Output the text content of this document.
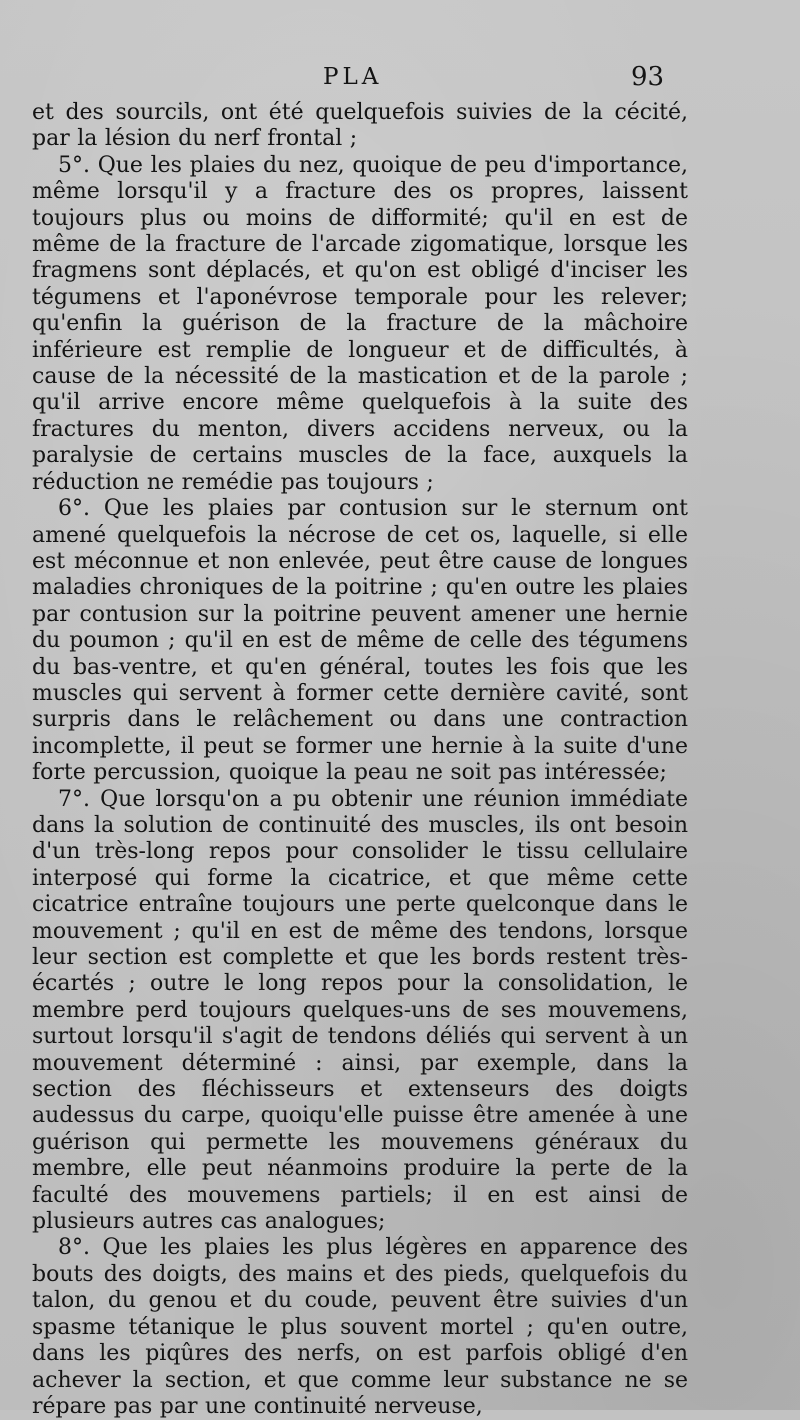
PLA	93

et des sourcils, ont été quelquefois suivies de la cécité, par la lésion du nerf frontal ;

5°. Que les plaies du nez, quoique de peu d'importance, même lorsqu'il y a fracture des os propres, laissent toujours plus ou moins de difformité; qu'il en est de même de la fracture de l'arcade zigomatique, lorsque les fragmens sont déplacés, et qu'on est obligé d'inciser les tégumens et l'aponévrose temporale pour les relever; qu'enfin la guérison de la fracture de la mâchoire inférieure est remplie de longueur et de difficultés, à cause de la nécessité de la mastication et de la parole ; qu'il arrive encore même quelquefois à la suite des fractures du menton, divers accidens nerveux, ou la paralysie de certains muscles de la face, auxquels la réduction ne remédie pas toujours ;

6°. Que les plaies par contusion sur le sternum ont amené quelquefois la nécrose de cet os, laquelle, si elle est méconnue et non enlevée, peut être cause de longues maladies chroniques de la poitrine ; qu'en outre les plaies par contusion sur la poitrine peuvent amener une hernie du poumon ; qu'il en est de même de celle des tégumens du bas-ventre, et qu'en général, toutes les fois que les muscles qui servent à former cette dernière cavité, sont surpris dans le relâchement ou dans une contraction incomplette, il peut se former une hernie à la suite d'une forte percussion, quoique la peau ne soit pas intéressée;

7°. Que lorsqu'on a pu obtenir une réunion immédiate dans la solution de continuité des muscles, ils ont besoin d'un très-long repos pour consolider le tissu cellulaire interposé qui forme la cicatrice, et que même cette cicatrice entraîne toujours une perte quelconque dans le mouvement ; qu'il en est de même des tendons, lorsque leur section est complette et que les bords restent très-écartés ; outre le long repos pour la consolidation, le membre perd toujours quelques-uns de ses mouvemens, surtout lorsqu'il s'agit de tendons déliés qui servent à un mouvement déterminé : ainsi, par exemple, dans la section des fléchisseurs et extenseurs des doigts audessus du carpe, quoiqu'elle puisse être amenée à une guérison qui permette les mouvemens généraux du membre, elle peut néanmoins produire la perte de la faculté des mouvemens partiels; il en est ainsi de plusieurs autres cas analogues;

8°. Que les plaies les plus légères en apparence des bouts des doigts, des mains et des pieds, quelquefois du talon, du genou et du coude, peuvent être suivies d'un spasme tétanique le plus souvent mortel ; qu'en outre, dans les piqûres des nerfs, on est parfois obligé d'en achever la section, et que comme leur substance ne se répare pas par une continuité nerveuse,
